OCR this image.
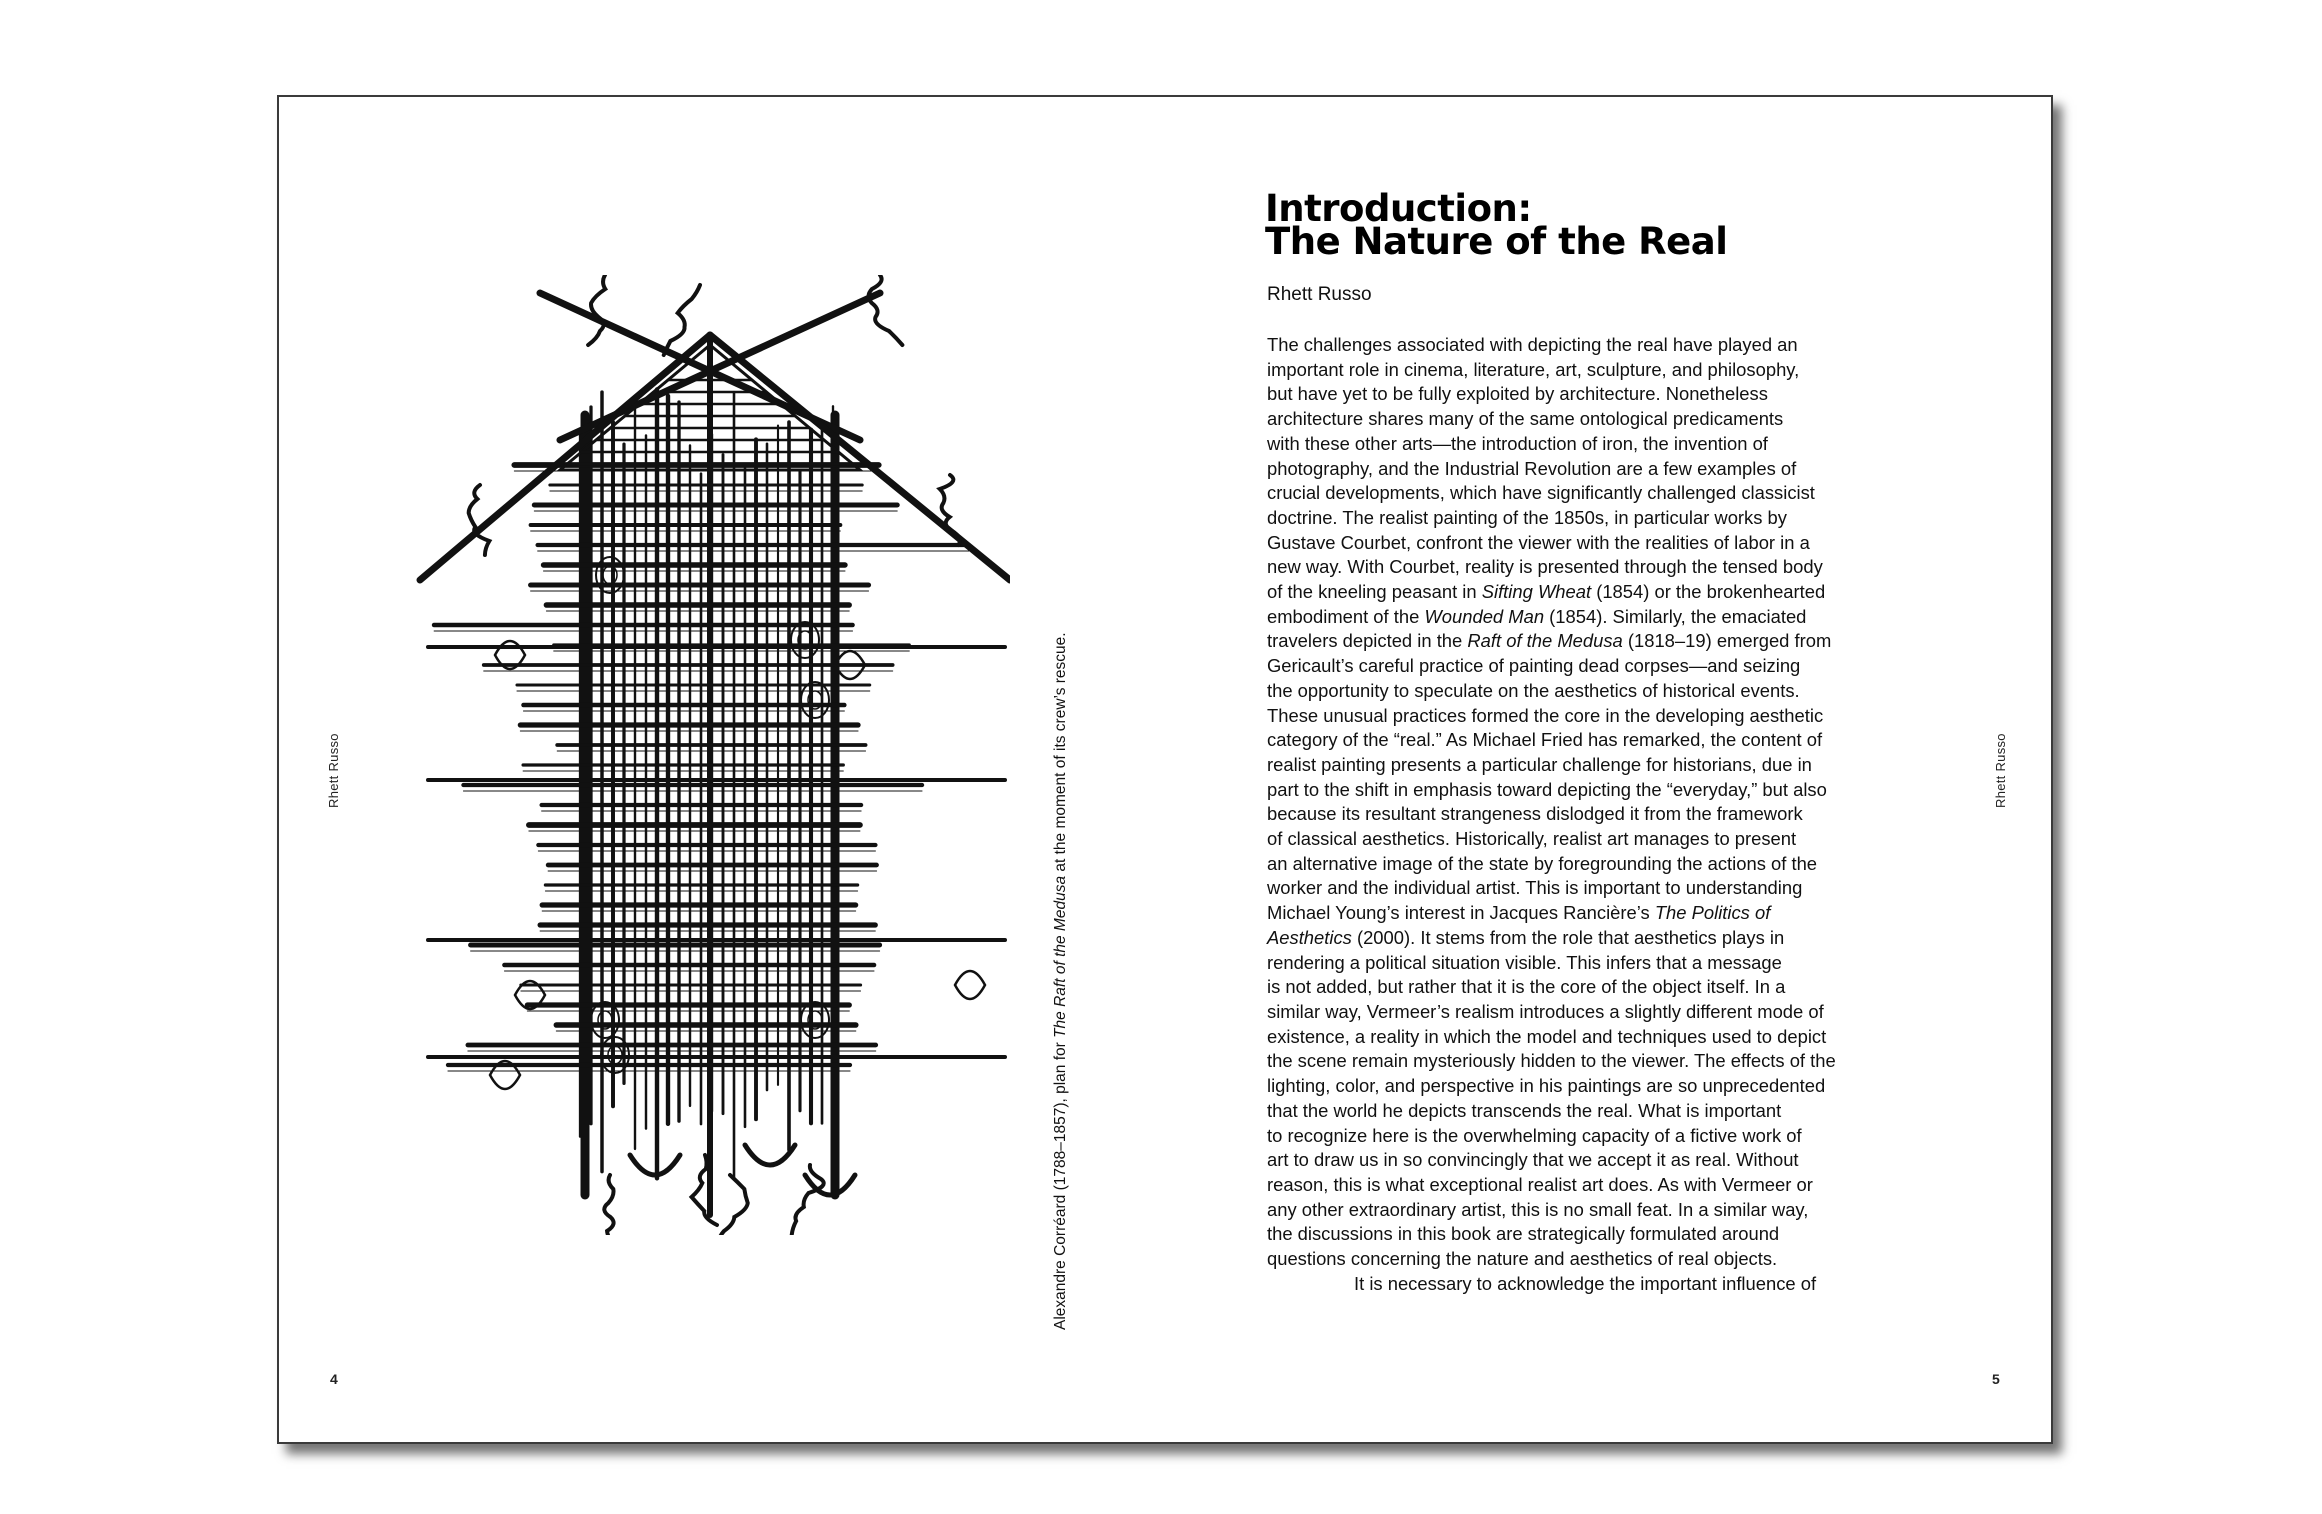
Rhett Russo
4
Alexandre Corréard (1788–1857), plan for The Raft of the Medusa at the moment of its crew’s rescue.
Introduction:
The Nature of the Real
Rhett Russo
The challenges associated with depicting the real have played an
important role in cinema, literature, art, sculpture, and philosophy,
but have yet to be fully exploited by architecture. Nonetheless
architecture shares many of the same ontological predicaments
with these other arts—the introduction of iron, the invention of
photography, and the Industrial Revolution are a few examples of
crucial developments, which have significantly challenged classicist
doctrine. The realist painting of the 1850s, in particular works by
Gustave Courbet, confront the viewer with the realities of labor in a
new way. With Courbet, reality is presented through the tensed body
of the kneeling peasant in Sifting Wheat (1854) or the brokenhearted
embodiment of the Wounded Man (1854). Similarly, the emaciated
travelers depicted in the Raft of the Medusa (1818–19) emerged from
Gericault’s careful practice of painting dead corpses—and seizing
the opportunity to speculate on the aesthetics of historical events.
These unusual practices formed the core in the developing aesthetic
category of the “real.” As Michael Fried has remarked, the content of
realist painting presents a particular challenge for historians, due in
part to the shift in emphasis toward depicting the “everyday,” but also
because its resultant strangeness dislodged it from the framework
of classical aesthetics. Historically, realist art manages to present
an alternative image of the state by foregrounding the actions of the
worker and the individual artist. This is important to understanding
Michael Young’s interest in Jacques Rancière’s The Politics of
Aesthetics (2000). It stems from the role that aesthetics plays in
rendering a political situation visible. This infers that a message
is not added, but rather that it is the core of the object itself. In a
similar way, Vermeer’s realism introduces a slightly different mode of
existence, a reality in which the model and techniques used to depict
the scene remain mysteriously hidden to the viewer. The effects of the
lighting, color, and perspective in his paintings are so unprecedented
that the world he depicts transcends the real. What is important
to recognize here is the overwhelming capacity of a fictive work of
art to draw us in so convincingly that we accept it as real. Without
reason, this is what exceptional realist art does. As with Vermeer or
any other extraordinary artist, this is no small feat. In a similar way,
the discussions in this book are strategically formulated around
questions concerning the nature and aesthetics of real objects.
It is necessary to acknowledge the important influence of
Rhett Russo
5
